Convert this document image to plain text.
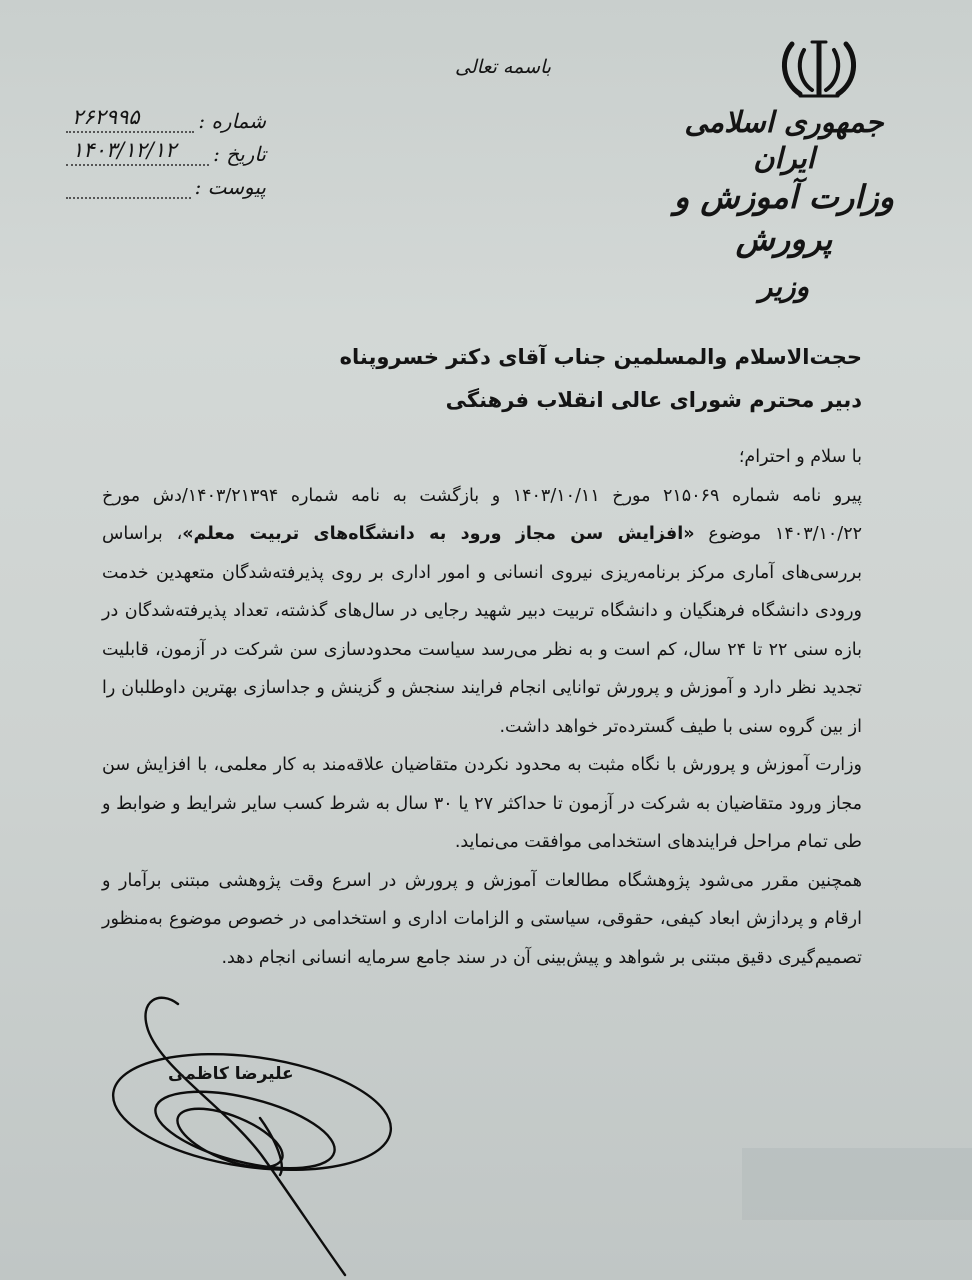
جمهوری اسلامی ایران
وزارت آموزش و پرورش
وزیر
باسمه تعالی
شماره :
۲۶۲۹۹۵
تاریخ :
۱۴۰۳/۱۲/۱۲
پیوست :
حجت‌الاسلام والمسلمین جناب آقای دکتر خسروپناه
دبیر محترم شورای عالی انقلاب فرهنگی

با سلام و احترام؛

پیرو نامه شماره ۲۱۵۰۶۹ مورخ ۱۴۰۳/۱۰/۱۱ و بازگشت به نامه شماره ۱۴۰۳/۲۱۳۹۴/دش مورخ ۱۴۰۳/۱۰/۲۲ موضوع «افزایش سن مجاز ورود به دانشگاه‌های تربیت معلم»، براساس بررسی‌های آماری مرکز برنامه‌ریزی نیروی انسانی و امور اداری بر روی پذیرفته‌شدگان متعهدین خدمت ورودی دانشگاه فرهنگیان و دانشگاه تربیت دبیر شهید رجایی در سال‌های گذشته، تعداد پذیرفته‌شدگان در بازه سنی ۲۲ تا ۲۴ سال، کم است و به نظر می‌رسد سیاست محدودسازی سن شرکت در آزمون، قابلیت تجدید نظر دارد و آموزش و پرورش توانایی انجام فرایند سنجش و گزینش و جداسازی بهترین داوطلبان را از بین گروه سنی با طیف گسترده‌تر خواهد داشت.

وزارت آموزش و پرورش با نگاه مثبت به محدود نکردن متقاضیان علاقه‌مند به کار معلمی، با افزایش سن مجاز ورود متقاضیان به شرکت در آزمون تا حداکثر ۲۷ یا ۳۰ سال به شرط کسب سایر شرایط و ضوابط و طی تمام مراحل فرایندهای استخدامی موافقت می‌نماید.

همچنین مقرر می‌شود پژوهشگاه مطالعات آموزش و پرورش در اسرع وقت پژوهشی مبتنی برآمار و ارقام و پردازش ابعاد کیفی، حقوقی، سیاستی و الزامات اداری و استخدامی در خصوص موضوع به‌منظور تصمیم‌گیری دقیق مبتنی بر شواهد و پیش‌بینی آن در سند جامع سرمایه انسانی انجام دهد.

علیرضا کاظمی
